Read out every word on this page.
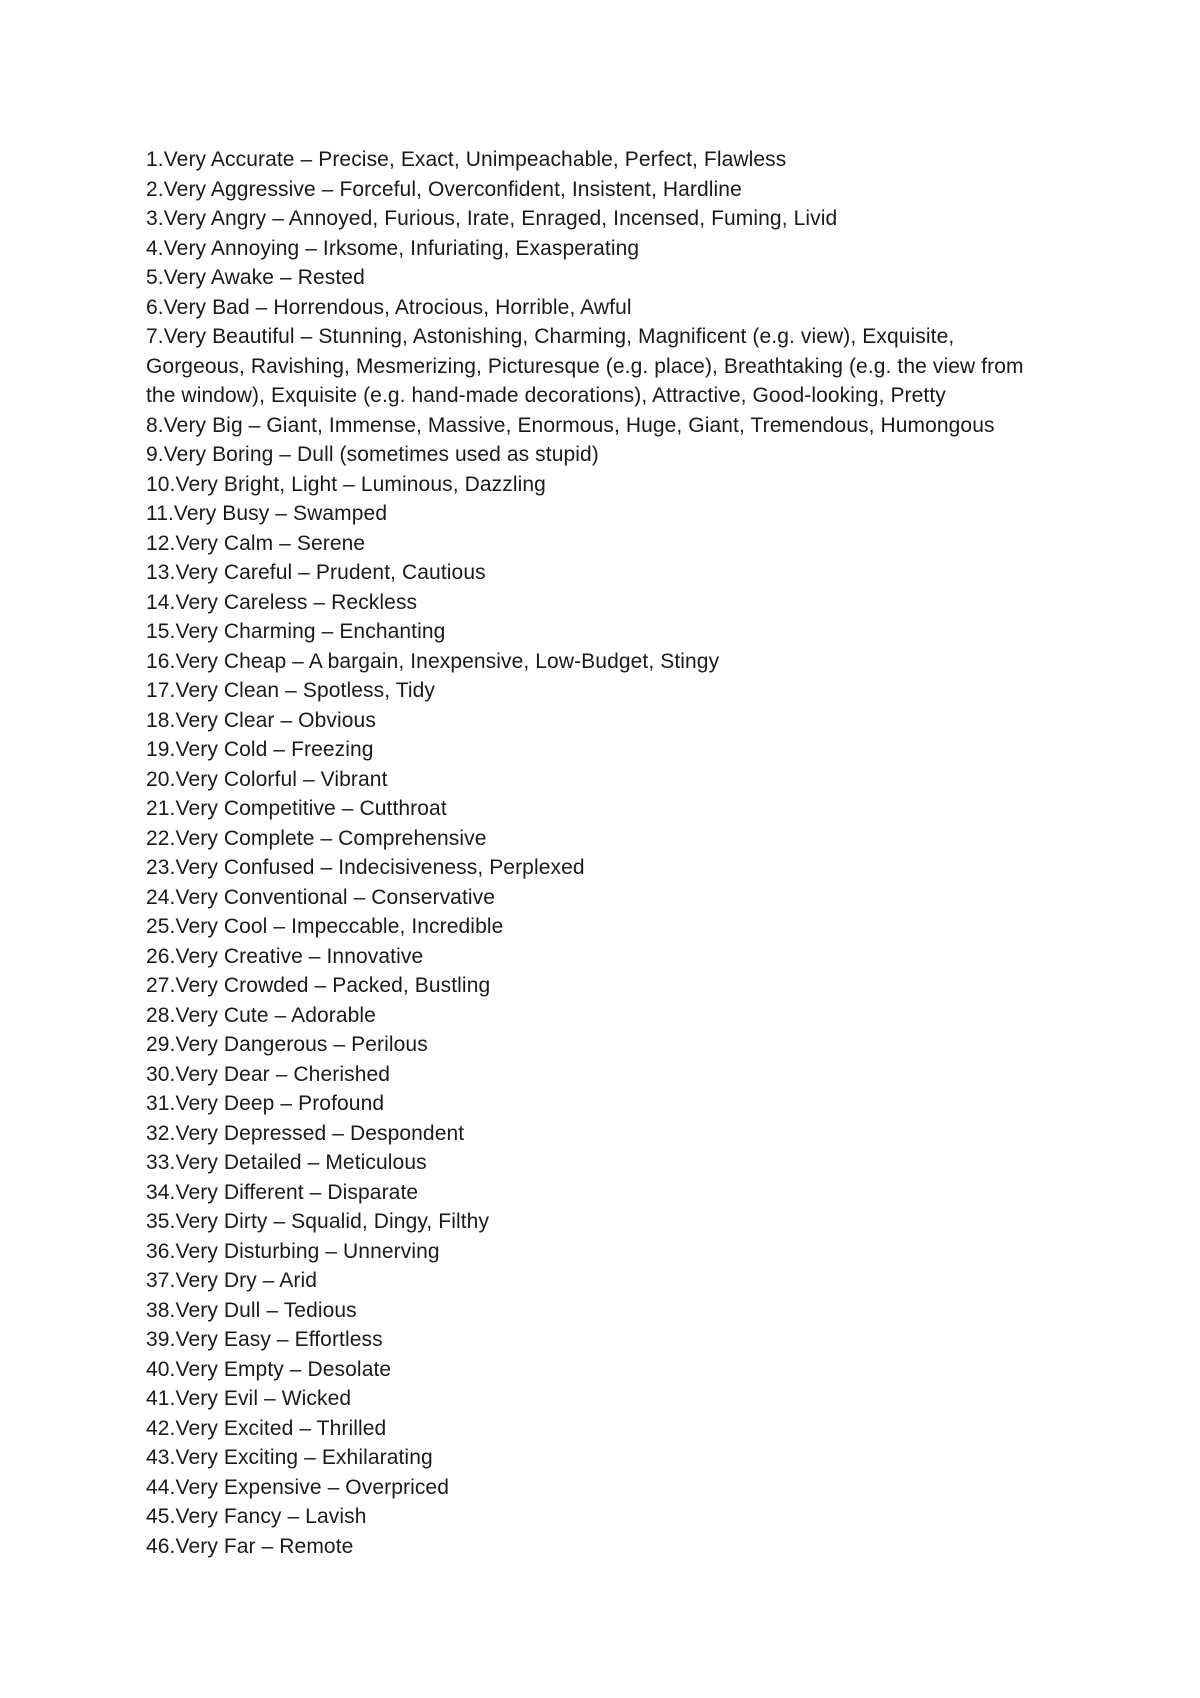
1.Very Accurate – Precise, Exact, Unimpeachable, Perfect, Flawless
2.Very Aggressive – Forceful, Overconfident, Insistent, Hardline
3.Very Angry – Annoyed, Furious, Irate, Enraged, Incensed, Fuming, Livid
4.Very Annoying – Irksome, Infuriating, Exasperating
5.Very Awake – Rested
6.Very Bad – Horrendous, Atrocious, Horrible, Awful
7.Very Beautiful – Stunning, Astonishing, Charming, Magnificent (e.g. view), Exquisite, Gorgeous, Ravishing, Mesmerizing, Picturesque (e.g. place), Breathtaking (e.g. the view from the window), Exquisite (e.g. hand-made decorations), Attractive, Good-looking, Pretty
8.Very Big – Giant, Immense, Massive, Enormous, Huge, Giant, Tremendous, Humongous
9.Very Boring – Dull (sometimes used as stupid)
10.Very Bright, Light – Luminous, Dazzling
11.Very Busy – Swamped
12.Very Calm – Serene
13.Very Careful – Prudent, Cautious
14.Very Careless – Reckless
15.Very Charming – Enchanting
16.Very Cheap – A bargain, Inexpensive, Low-Budget, Stingy
17.Very Clean – Spotless, Tidy
18.Very Clear – Obvious
19.Very Cold – Freezing
20.Very Colorful – Vibrant
21.Very Competitive – Cutthroat
22.Very Complete – Comprehensive
23.Very Confused – Indecisiveness, Perplexed
24.Very Conventional – Conservative
25.Very Cool – Impeccable, Incredible
26.Very Creative – Innovative
27.Very Crowded – Packed, Bustling
28.Very Cute – Adorable
29.Very Dangerous – Perilous
30.Very Dear – Cherished
31.Very Deep – Profound
32.Very Depressed – Despondent
33.Very Detailed – Meticulous
34.Very Different – Disparate
35.Very Dirty – Squalid, Dingy, Filthy
36.Very Disturbing – Unnerving
37.Very Dry – Arid
38.Very Dull – Tedious
39.Very Easy – Effortless
40.Very Empty – Desolate
41.Very Evil – Wicked
42.Very Excited – Thrilled
43.Very Exciting – Exhilarating
44.Very Expensive – Overpriced
45.Very Fancy – Lavish
46.Very Far – Remote
